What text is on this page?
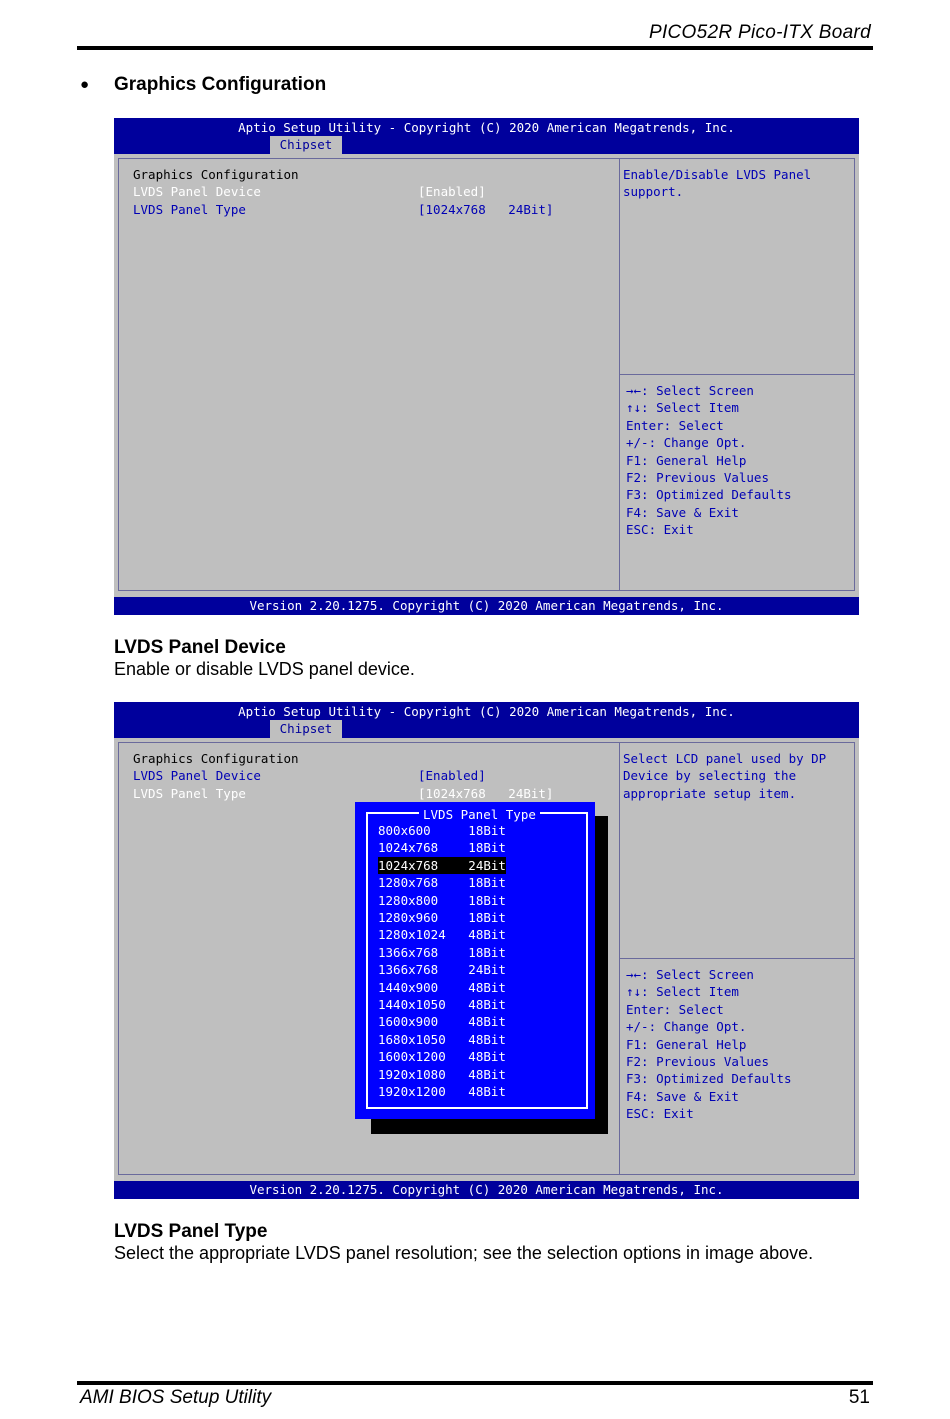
PICO52R Pico-ITX Board
● Graphics Configuration
Aptio Setup Utility - Copyright (C) 2020 American Megatrends, Inc.
Chipset
Graphics Configuration
LVDS Panel Device	[Enabled]
LVDS Panel Type	[1024x768   24Bit]
Enable/Disable LVDS Panel
support.
→←: Select Screen
↑↓: Select Item
Enter: Select
+/-: Change Opt.
F1: General Help
F2: Previous Values
F3: Optimized Defaults
F4: Save & Exit
ESC: Exit
Version 2.20.1275. Copyright (C) 2020 American Megatrends, Inc.
LVDS Panel Device
Enable or disable LVDS panel device.
Aptio Setup Utility - Copyright (C) 2020 American Megatrends, Inc.
Chipset
Graphics Configuration
LVDS Panel Device	[Enabled]
LVDS Panel Type	[1024x768   24Bit]
Select LCD panel used by DP
Device by selecting the
appropriate setup item.
→←: Select Screen
↑↓: Select Item
Enter: Select
+/-: Change Opt.
F1: General Help
F2: Previous Values
F3: Optimized Defaults
F4: Save & Exit
ESC: Exit
LVDS Panel Type
800x600     18Bit
1024x768    18Bit
1024x768    24Bit
1280x768    18Bit
1280x800    18Bit
1280x960    18Bit
1280x1024   48Bit
1366x768    18Bit
1366x768    24Bit
1440x900    48Bit
1440x1050   48Bit
1600x900    48Bit
1680x1050   48Bit
1600x1200   48Bit
1920x1080   48Bit
1920x1200   48Bit
Version 2.20.1275. Copyright (C) 2020 American Megatrends, Inc.
LVDS Panel Type
Select the appropriate LVDS panel resolution; see the selection options in image above.
AMI BIOS Setup Utility	51
